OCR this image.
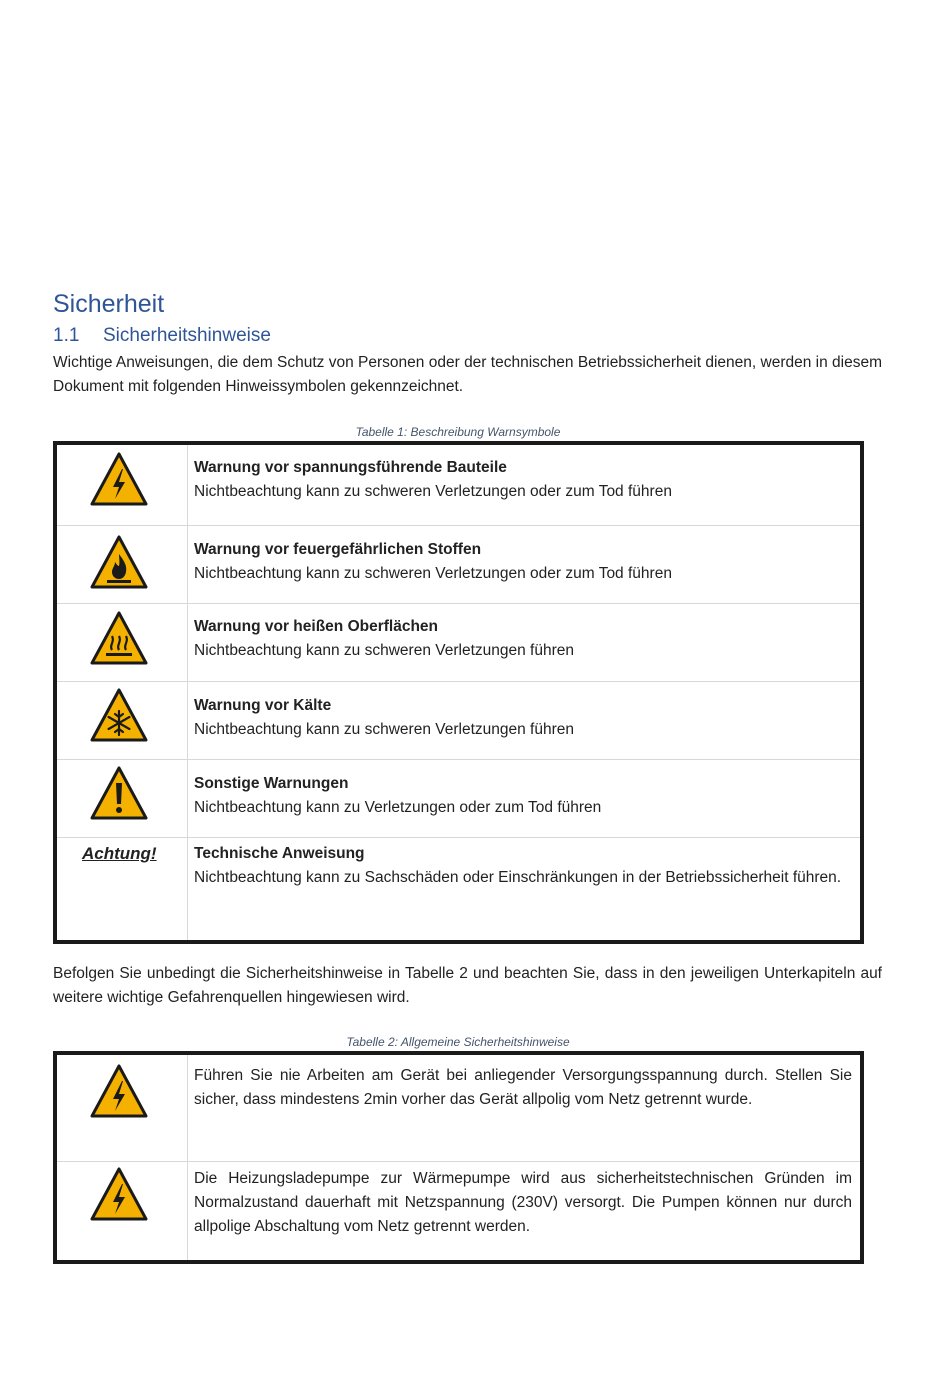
Sicherheit
1.1 Sicherheitshinweise

Wichtige Anweisungen, die dem Schutz von Personen oder der technischen Betriebssicherheit dienen, werden in diesem Dokument mit folgenden Hinweissymbolen gekennzeichnet.

Tabelle 1: Beschreibung Warnsymbole
Warnung vor spannungsführende Bauteile
Nichtbeachtung kann zu schweren Verletzungen oder zum Tod führen
Warnung vor feuergefährlichen Stoffen
Nichtbeachtung kann zu schweren Verletzungen oder zum Tod führen
Warnung vor heißen Oberflächen
Nichtbeachtung kann zu schweren Verletzungen führen
Warnung vor Kälte
Nichtbeachtung kann zu schweren Verletzungen führen
Sonstige Warnungen
Nichtbeachtung kann zu Verletzungen oder zum Tod führen
Achtung! Technische Anweisung
Nichtbeachtung kann zu Sachschäden oder Einschränkungen in der Betriebssicherheit führen.

Befolgen Sie unbedingt die Sicherheitshinweise in Tabelle 2 und beachten Sie, dass in den jeweiligen Unterkapiteln auf weitere wichtige Gefahrenquellen hingewiesen wird.

Tabelle 2: Allgemeine Sicherheitshinweise
Führen Sie nie Arbeiten am Gerät bei anliegender Versorgungsspannung durch. Stellen Sie sicher, dass mindestens 2min vorher das Gerät allpolig vom Netz getrennt wurde.
Die Heizungsladepumpe zur Wärmepumpe wird aus sicherheitstechnischen Gründen im Normalzustand dauerhaft mit Netzspannung (230V) versorgt. Die Pumpen können nur durch allpolige Abschaltung vom Netz getrennt werden.
